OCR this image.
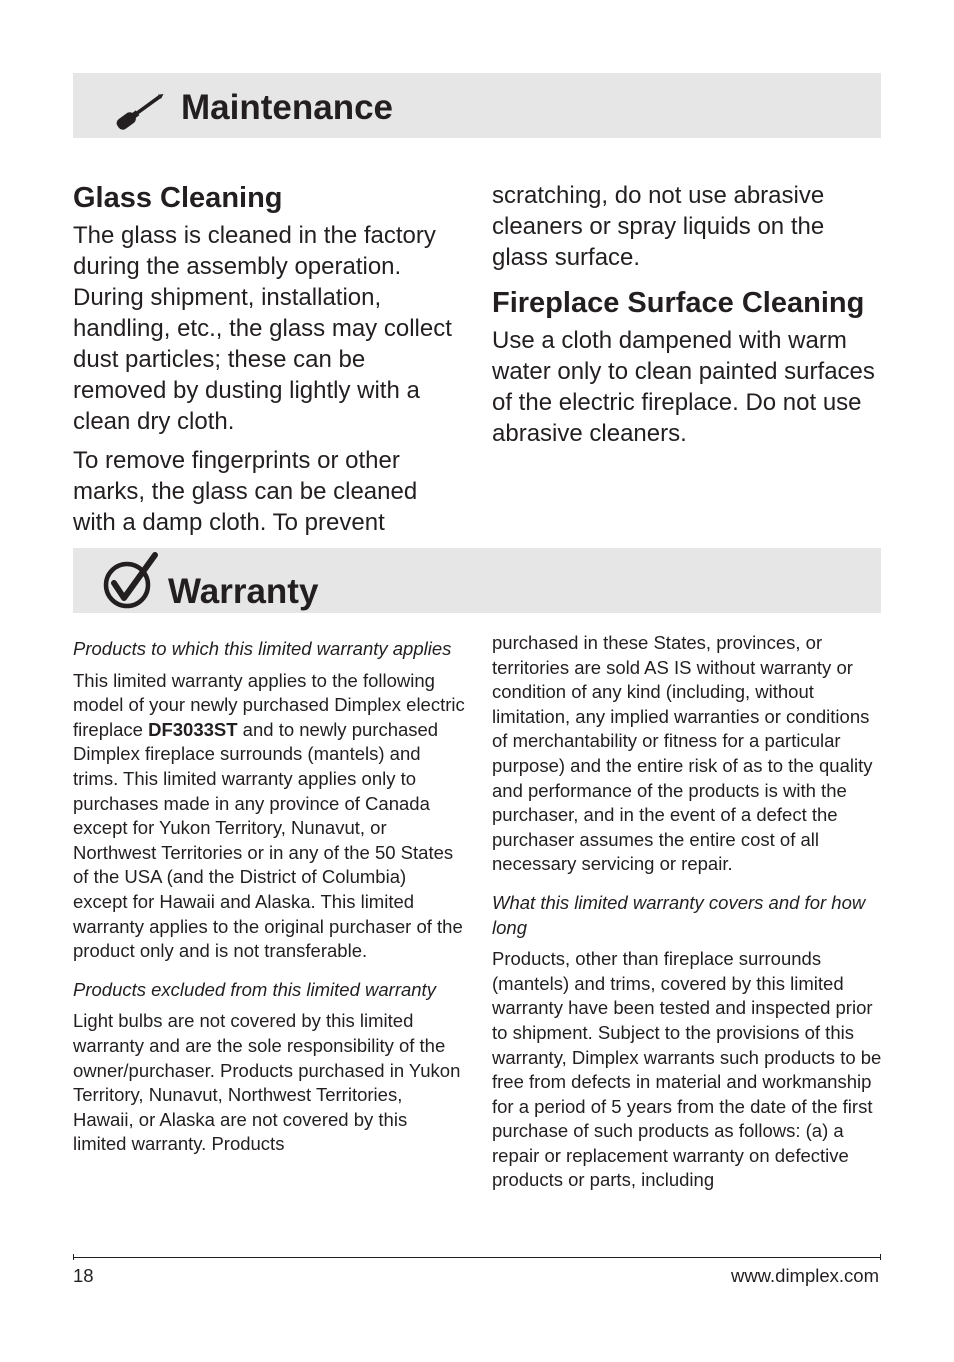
Maintenance
Glass Cleaning

The glass is cleaned in the factory during the assembly operation. During shipment, installation, handling, etc., the glass may collect dust particles; these can be removed by dusting lightly with a clean dry cloth.

To remove fingerprints or other marks, the glass can be cleaned with a damp cloth. To prevent

scratching, do not use abrasive cleaners or spray liquids on the glass surface.

Fireplace Surface Cleaning

Use a cloth dampened with warm water only to clean painted surfaces of the electric fireplace. Do not use abrasive cleaners.

Warranty

Products to which this limited warranty applies

This limited warranty applies to the following model of your newly purchased Dimplex electric fireplace DF3033ST and to newly purchased Dimplex fireplace surrounds (mantels) and trims. This limited warranty applies only to purchases made in any province of Canada except for Yukon Territory, Nunavut, or Northwest Territories or in any of the 50 States of the USA (and the District of Columbia) except for Hawaii and Alaska. This limited warranty applies to the original purchaser of the product only and is not transferable.

Products excluded from this limited warranty

Light bulbs are not covered by this limited warranty and are the sole responsibility of the owner/purchaser. Products purchased in Yukon Territory, Nunavut, Northwest Territories, Hawaii, or Alaska are not covered by this limited warranty. Products

purchased in these States, provinces, or territories are sold AS IS without warranty or condition of any kind (including, without limitation, any implied warranties or conditions of merchantability or fitness for a particular purpose) and the entire risk of as to the quality and performance of the products is with the purchaser, and in the event of a defect the purchaser assumes the entire cost of all necessary servicing or repair.

What this limited warranty covers and for how long

Products, other than fireplace surrounds (mantels) and trims, covered by this limited warranty have been tested and inspected prior to shipment. Subject to the provisions of this warranty, Dimplex warrants such products to be free from defects in material and workmanship for a period of 5 years from the date of the first purchase of such products as follows: (a) a repair or replacement warranty on defective products or parts, including

18	www.dimplex.com
